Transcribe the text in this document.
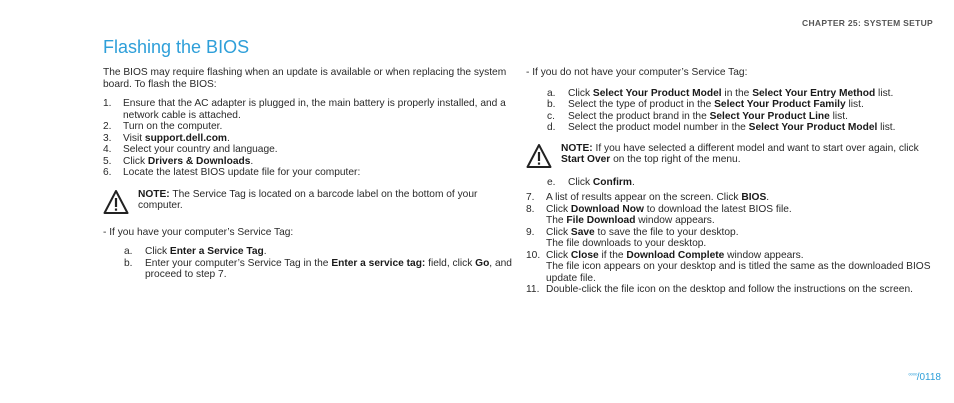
CHAPTER 25: SYSTEM SETUP
Flashing the BIOS

The BIOS may require flashing when an update is available or when replacing the system board. To flash the BIOS:

1. Ensure that the AC adapter is plugged in, the main battery is properly installed, and a network cable is attached.
2. Turn on the computer.
3. Visit support.dell.com.
4. Select your country and language.
5. Click Drivers & Downloads.
6. Locate the latest BIOS update file for your computer:
NOTE: The Service Tag is located on a barcode label on the bottom of your computer.

- If you have your computer’s Service Tag:

a. Click Enter a Service Tag.
b. Enter your computer’s Service Tag in the Enter a service tag: field, click Go, and proceed to step 7.

- If you do not have your computer’s Service Tag:

a. Click Select Your Product Model in the Select Your Entry Method list.
b. Select the type of product in the Select Your Product Family list.
c. Select the product brand in the Select Your Product Line list.
d. Select the product model number in the Select Your Product Model list.
NOTE: If you have selected a different model and want to start over again, click Start Over on the top right of the menu.
e. Click Confirm.
7. A list of results appear on the screen. Click BIOS.
8. Click Download Now to download the latest BIOS file.
The File Download window appears.
9. Click Save to save the file to your desktop.
The file downloads to your desktop.
10. Click Close if the Download Complete window appears.
The file icon appears on your desktop and is titled the same as the downloaded BIOS update file.
11. Double-click the file icon on the desktop and follow the instructions on the screen.
◦◦◦◦/0118
